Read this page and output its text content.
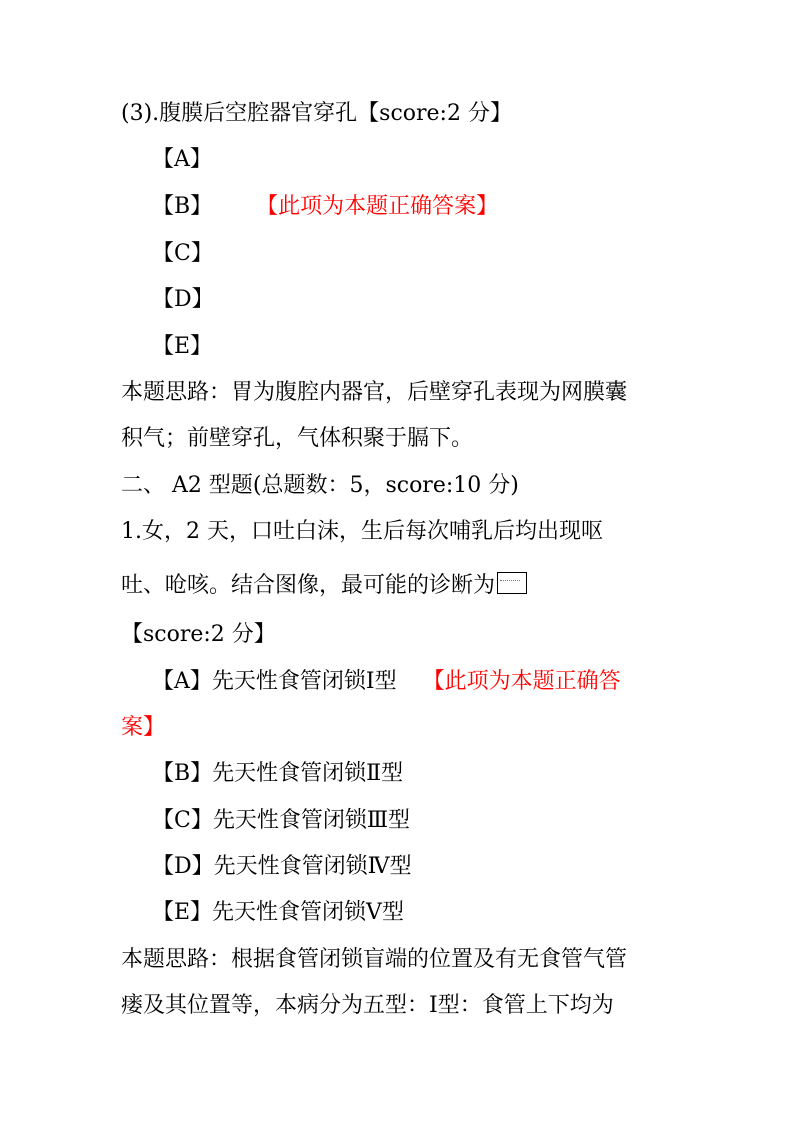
(3).腹膜后空腔器官穿孔【score:2 分】
【A】
【B】 【此项为本题正确答案】
【C】
【D】
【E】
本题思路：胃为腹腔内器官，后壁穿孔表现为网膜囊
积气；前壁穿孔，气体积聚于膈下。
二、 A2 型题(总题数：5，score:10 分)
1.女，2 天，口吐白沫，生后每次哺乳后均出现呕
吐、呛咳。结合图像，最可能的诊断为
【score:2 分】
【A】先天性食管闭锁Ⅰ型 【此项为本题正确答
案】
【B】先天性食管闭锁Ⅱ型
【C】先天性食管闭锁Ⅲ型
【D】先天性食管闭锁Ⅳ型
【E】先天性食管闭锁Ⅴ型
本题思路：根据食管闭锁盲端的位置及有无食管气管
瘘及其位置等，本病分为五型：Ⅰ型：食管上下均为
